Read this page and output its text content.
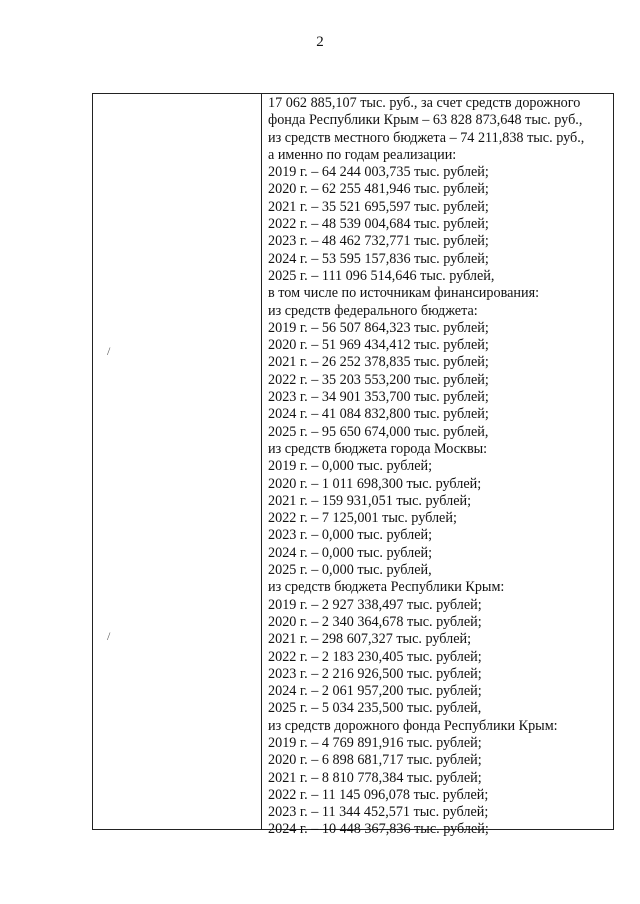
2
/
/
17 062 885,107 тыс. руб., за счет средств дорожного
фонда Республики Крым – 63 828 873,648 тыс. руб.,
из средств местного бюджета – 74 211,838 тыс. руб.,
а именно по годам реализации:
2019 г. – 64 244 003,735 тыс. рублей;
2020 г. – 62 255 481,946 тыс. рублей;
2021 г. – 35 521 695,597 тыс. рублей;
2022 г. – 48 539 004,684 тыс. рублей;
2023 г. – 48 462 732,771 тыс. рублей;
2024 г. – 53 595 157,836 тыс. рублей;
2025 г. – 111 096 514,646 тыс. рублей,
в том числе по источникам финансирования:
из средств федерального бюджета:
2019 г. – 56 507 864,323 тыс. рублей;
2020 г. – 51 969 434,412 тыс. рублей;
2021 г. – 26 252 378,835 тыс. рублей;
2022 г. – 35 203 553,200 тыс. рублей;
2023 г. – 34 901 353,700 тыс. рублей;
2024 г. – 41 084 832,800 тыс. рублей;
2025 г. – 95 650 674,000 тыс. рублей,
из средств бюджета города Москвы:
2019 г. – 0,000 тыс. рублей;
2020 г. – 1 011 698,300 тыс. рублей;
2021 г. – 159 931,051 тыс. рублей;
2022 г. – 7 125,001 тыс. рублей;
2023 г. – 0,000 тыс. рублей;
2024 г. – 0,000 тыс. рублей;
2025 г. – 0,000 тыс. рублей,
из средств бюджета Республики Крым:
2019 г. – 2 927 338,497 тыс. рублей;
2020 г. – 2 340 364,678 тыс. рублей;
2021 г. – 298 607,327 тыс. рублей;
2022 г. – 2 183 230,405 тыс. рублей;
2023 г. – 2 216 926,500 тыс. рублей;
2024 г. – 2 061 957,200 тыс. рублей;
2025 г. – 5 034 235,500 тыс. рублей,
из средств дорожного фонда Республики Крым:
2019 г. – 4 769 891,916 тыс. рублей;
2020 г. – 6 898 681,717 тыс. рублей;
2021 г. – 8 810 778,384 тыс. рублей;
2022 г. – 11 145 096,078 тыс. рублей;
2023 г. – 11 344 452,571 тыс. рублей;
2024 г. – 10 448 367,836 тыс. рублей;
